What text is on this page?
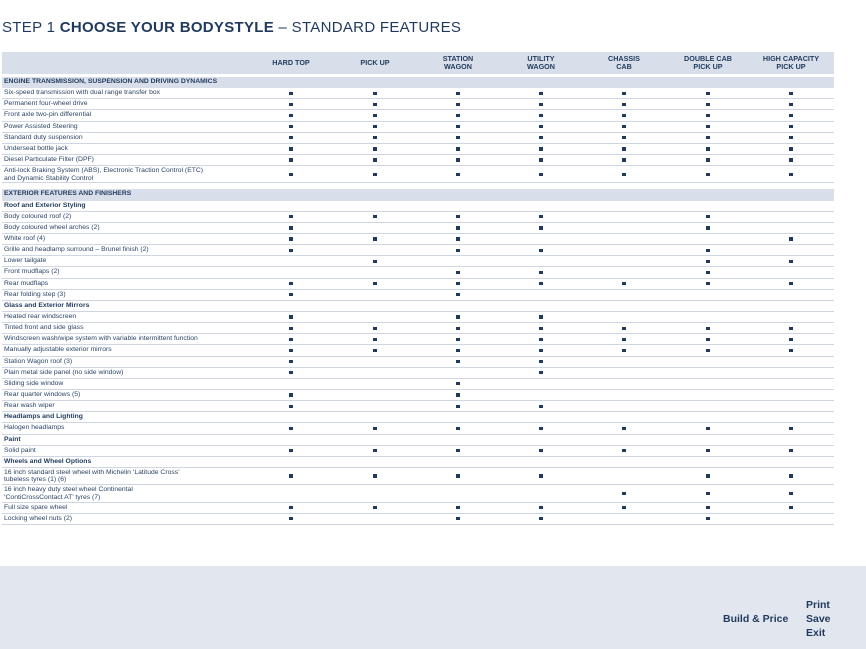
STEP 1 CHOOSE YOUR BODYSTYLE – STANDARD FEATURES
HARD TOP	PICK UP	STATION
WAGON
UTILITY
WAGON
CHASSIS
CAB
DOUBLE CAB
PICK UP
HIGH CAPACITY
PICK UP
ENGINE TRANSMISSION, SUSPENSION AND DRIVING DYNAMICS
Six-speed transmission with dual range transfer box
Permanent four-wheel drive
Front axle two-pin differential
Power Assisted Steering
Standard duty suspension
Underseat bottle jack
Diesel Particulate Filter (DPF)
Anti-lock Braking System (ABS), Electronic Traction Control (ETC)
and Dynamic Stability Control
EXTERIOR FEATURES AND FINISHERS
Roof and Exterior Styling
Body coloured roof (2)
Body coloured wheel arches (2)
White roof (4)
Grille and headlamp surround – Brunel finish (2)
Lower tailgate
Front mudflaps (2)
Rear mudflaps
Rear folding step (3)
Glass and Exterior Mirrors
Heated rear windscreen
Tinted front and side glass
Windscreen wash/wipe system with variable intermittent function
Manually adjustable exterior mirrors
Station Wagon roof (3)
Plain metal side panel (no side window)
Sliding side window
Rear quarter windows (5)
Rear wash wiper
Headlamps and Lighting
Halogen headlamps
Paint
Solid paint
Wheels and Wheel Options
16 inch standard steel wheel with Michelin ‘Latitude Cross’
tubeless tyres (1) (6)
16 inch heavy duty steel wheel Continental
‘ContiCrossContact AT’ tyres (7)
Full size spare wheel
Locking wheel nuts (2)
Build & Price
Print
Save
Exit
